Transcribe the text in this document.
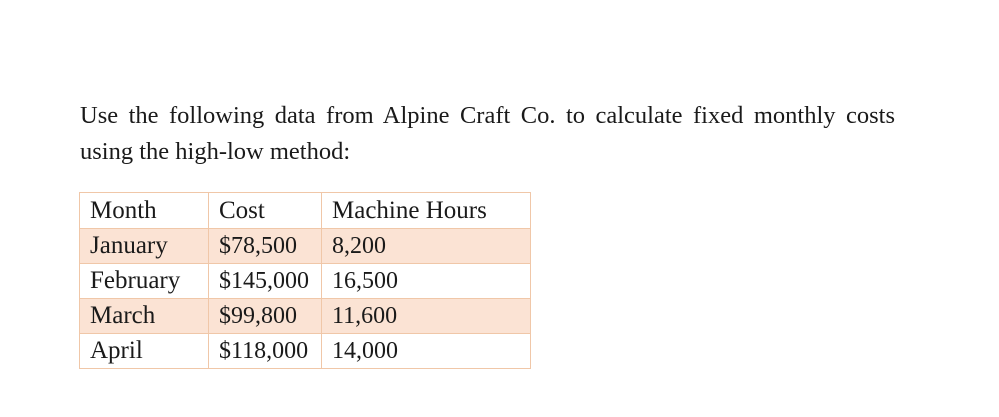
Use the following data from Alpine Craft Co. to calculate fixed monthly costs using the high-low method:

Month	Cost	Machine Hours
January	$78,500	8,200
February	$145,000	16,500
March	$99,800	11,600
April	$118,000	14,000
